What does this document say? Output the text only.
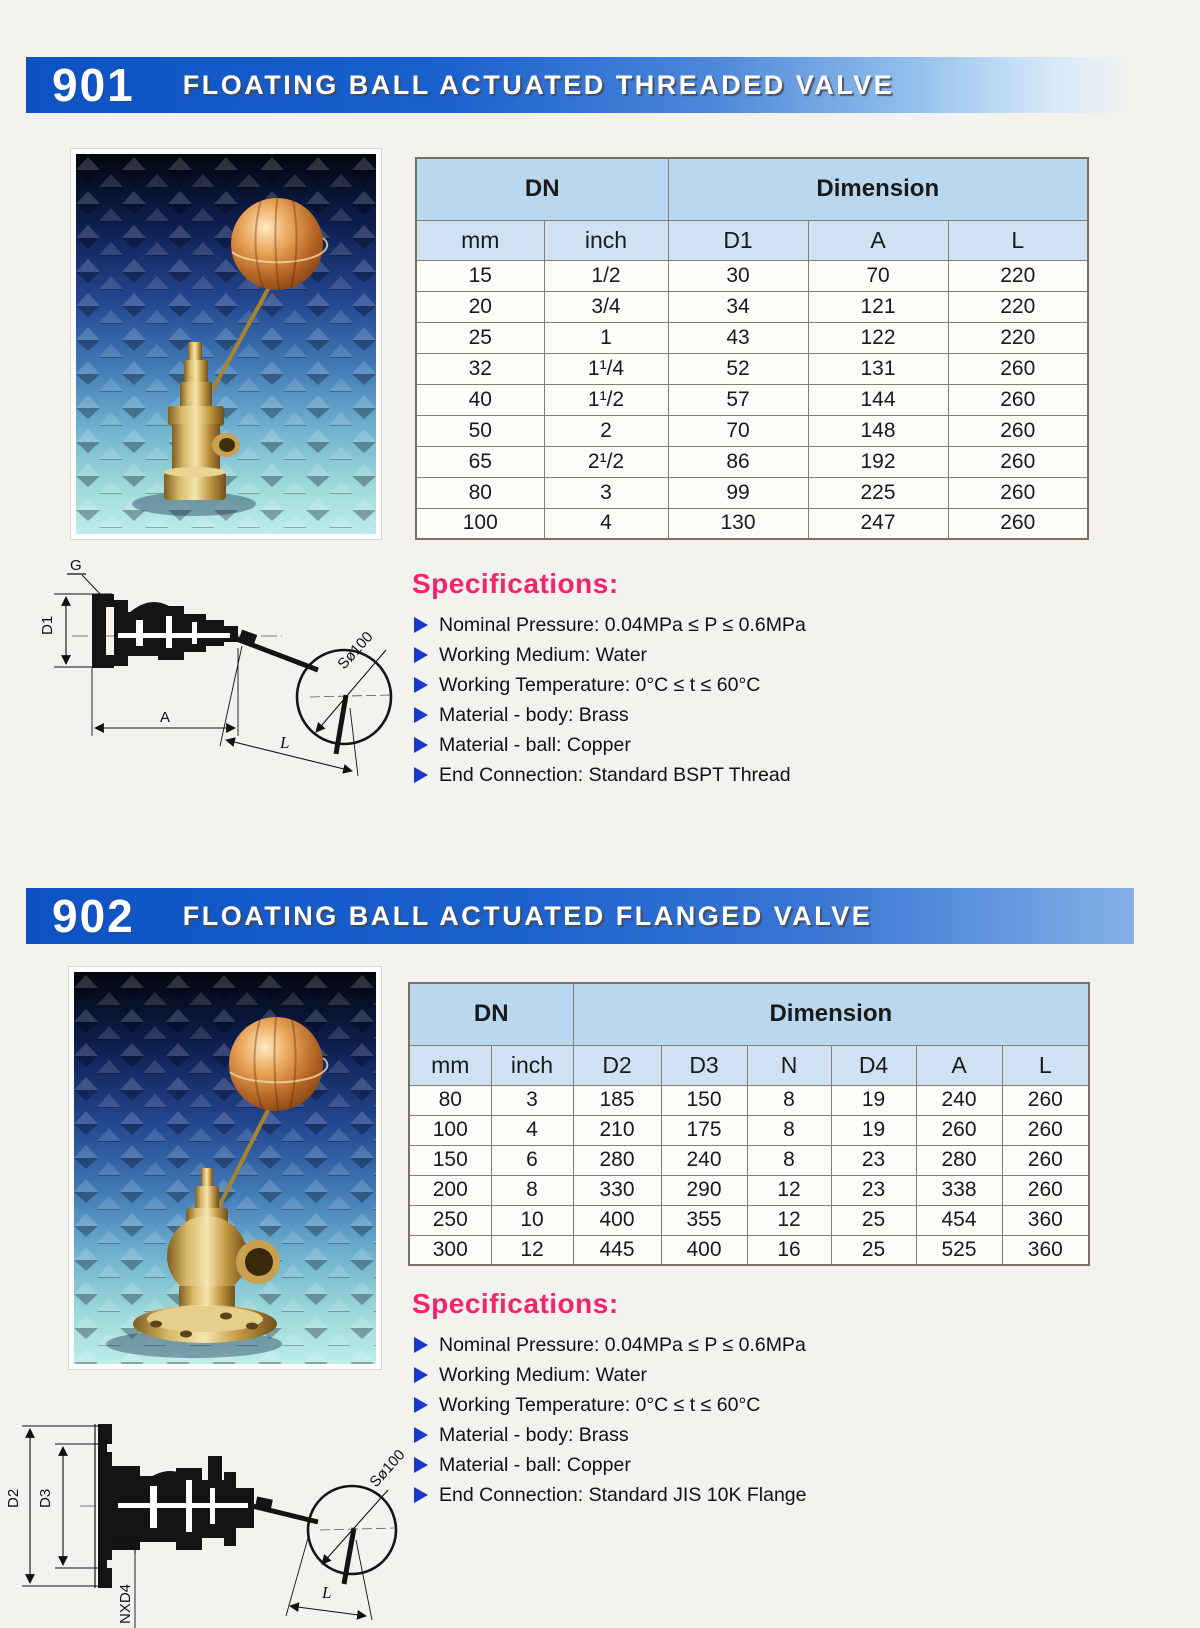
901 FLOATING BALL ACTUATED THREADED VALVE
DN		Dimension		
mm	inch	D1	A	L
15	1/2	30	70	220
20	3/4	34	121	220
25	1	43	122	220
32	1¹/4	52	131	260
40	1¹/2	57	144	260
50	2	70	148	260
65	2¹/2	86	192	260
80	3	99	225	260
100	4	130	247	260
G
Sø100
D1
A
L
Specifications:
Nominal Pressure: 0.04MPa ≤ P ≤ 0.6MPa
Working Medium: Water
Working Temperature: 0°C ≤ t ≤ 60°C
Material - body: Brass
Material - ball: Copper
End Connection: Standard BSPT Thread
902 FLOATING BALL ACTUATED FLANGED VALVE
DN		Dimension					
mm	inch	D2	D3	N	D4	A	L
80	3	185	150	8	19	240	260
100	4	210	175	8	19	260	260
150	6	280	240	8	23	280	260
200	8	330	290	12	23	338	260
250	10	400	355	12	25	454	360
300	12	445	400	16	25	525	360
Specifications:
Nominal Pressure: 0.04MPa ≤ P ≤ 0.6MPa
Working Medium: Water
Working Temperature: 0°C ≤ t ≤ 60°C
Material - body: Brass
Material - ball: Copper
End Connection: Standard JIS 10K Flange
Sø100
D2 D3
NXD4	L
